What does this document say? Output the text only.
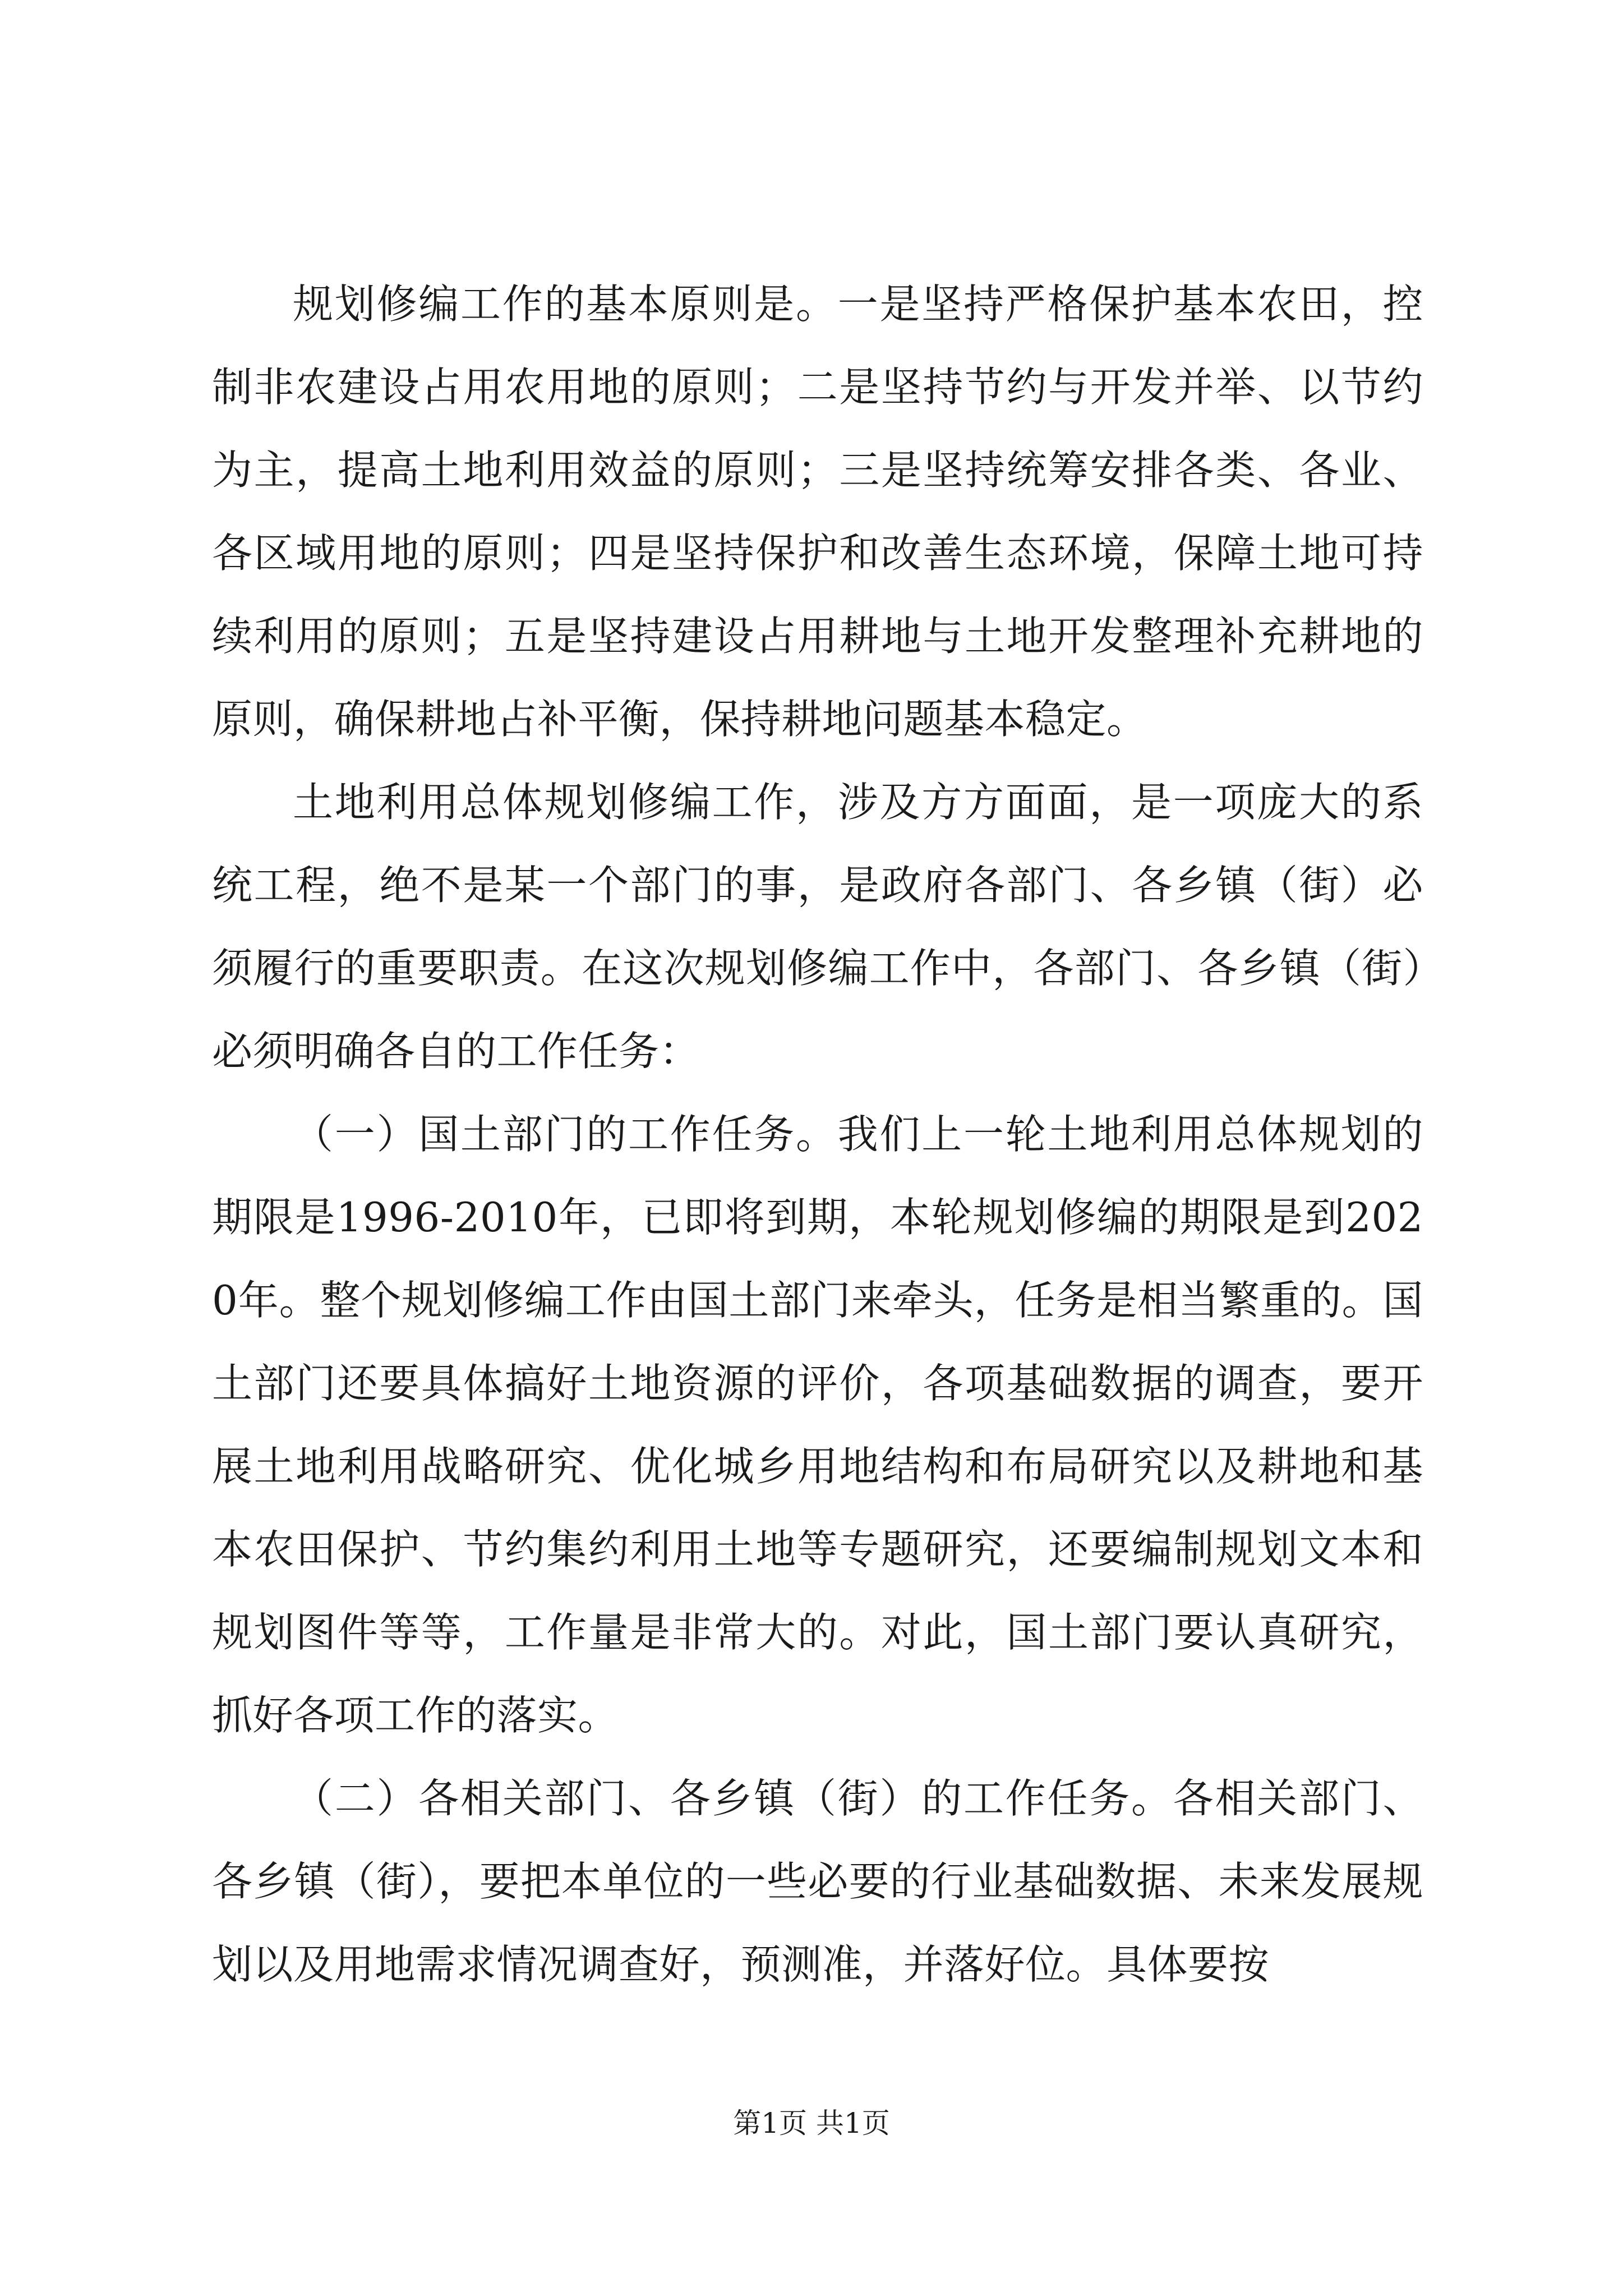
规划修编工作的基本原则是。一是坚持严格保护基本农田，控制非农建设占用农用地的原则；二是坚持节约与开发并举、以节约为主，提高土地利用效益的原则；三是坚持统筹安排各类、各业、各区域用地的原则；四是坚持保护和改善生态环境，保障土地可持续利用的原则；五是坚持建设占用耕地与土地开发整理补充耕地的原则，确保耕地占补平衡，保持耕地问题基本稳定。

土地利用总体规划修编工作，涉及方方面面，是一项庞大的系统工程，绝不是某一个部门的事，是政府各部门、各乡镇（街）必须履行的重要职责。在这次规划修编工作中，各部门、各乡镇（街）必须明确各自的工作任务：

（一）国土部门的工作任务。我们上一轮土地利用总体规划的期限是1996-2010年，已即将到期，本轮规划修编的期限是到2020年。整个规划修编工作由国土部门来牵头，任务是相当繁重的。国土部门还要具体搞好土地资源的评价，各项基础数据的调查，要开展土地利用战略研究、优化城乡用地结构和布局研究以及耕地和基本农田保护、节约集约利用土地等专题研究，还要编制规划文本和规划图件等等，工作量是非常大的。对此，国土部门要认真研究，抓好各项工作的落实。

（二）各相关部门、各乡镇（街）的工作任务。各相关部门、各乡镇（街），要把本单位的一些必要的行业基础数据、未来发展规划以及用地需求情况调查好，预测准，并落好位。具体要按

第1页 共1页
